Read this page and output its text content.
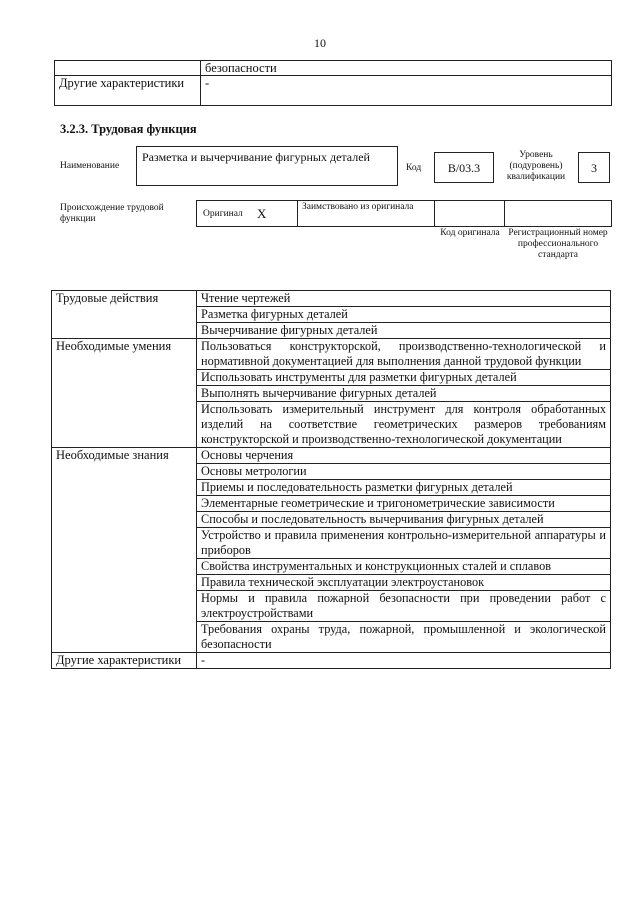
10
	безопасности
Другие характеристики	-
3.2.3. Трудовая функция
Наименование
Разметка и вычерчивание фигурных деталей
Код	В/03.3
Уровень (подуровень) квалификации
3
Происхождение трудовой функции	Оригинал X	Заимствовано из оригинала
Код оригинала Регистрационный номер профессионального стандарта
Трудовые действия	Чтение чертежей
	Разметка фигурных деталей
	Вычерчивание фигурных деталей
Необходимые умения	Пользоваться конструкторской, производственно-технологической и нормативной документацией для выполнения данной трудовой функции
	Использовать инструменты для разметки фигурных деталей
	Выполнять вычерчивание фигурных деталей
	Использовать измерительный инструмент для контроля обработанных изделий на соответствие геометрических размеров требованиям конструкторской и производственно-технологической документации
Необходимые знания	Основы черчения
	Основы метрологии
	Приемы и последовательность разметки фигурных деталей
	Элементарные геометрические и тригонометрические зависимости
	Способы и последовательность вычерчивания фигурных деталей
	Устройство и правила применения контрольно-измерительной аппаратуры и приборов
	Свойства инструментальных и конструкционных сталей и сплавов
	Правила технической эксплуатации электроустановок
	Нормы и правила пожарной безопасности при проведении работ с электроустройствами
	Требования охраны труда, пожарной, промышленной и экологической безопасности
Другие характеристики	-
